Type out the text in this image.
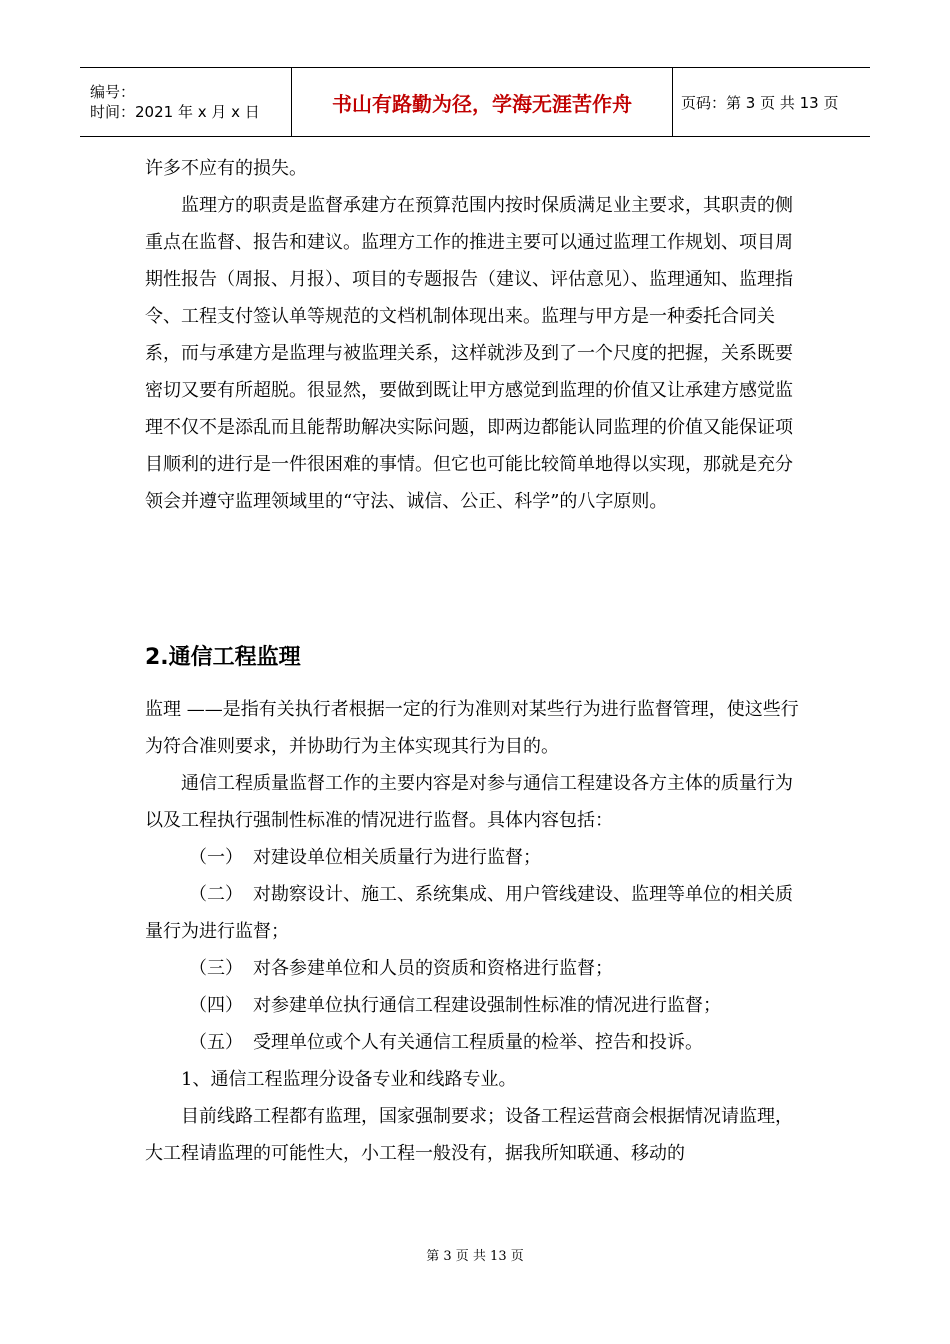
编号：
时间：2021 年 x 月 x 日	书山有路勤为径，学海无涯苦作舟	页码：第 3 页 共 13 页

许多不应有的损失。

监理方的职责是监督承建方在预算范围内按时保质满足业主要求，其职责的侧重点在监督、报告和建议。监理方工作的推进主要可以通过监理工作规划、项目周期性报告（周报、月报）、项目的专题报告（建议、评估意见）、监理通知、监理指令、工程支付签认单等规范的文档机制体现出来。监理与甲方是一种委托合同关系，而与承建方是监理与被监理关系，这样就涉及到了一个尺度的把握，关系既要密切又要有所超脱。很显然，要做到既让甲方感觉到监理的价值又让承建方感觉监理不仅不是添乱而且能帮助解决实际问题，即两边都能认同监理的价值又能保证项目顺利的进行是一件很困难的事情。但它也可能比较简单地得以实现，那就是充分领会并遵守监理领域里的“守法、诚信、公正、科学”的八字原则。

2.通信工程监理

监理 ——是指有关执行者根据一定的行为准则对某些行为进行监督管理，使这些行为符合准则要求，并协助行为主体实现其行为目的。

通信工程质量监督工作的主要内容是对参与通信工程建设各方主体的质量行为以及工程执行强制性标准的情况进行监督。具体内容包括：

（一） 对建设单位相关质量行为进行监督；

（二） 对勘察设计、施工、系统集成、用户管线建设、监理等单位的相关质量行为进行监督；

（三） 对各参建单位和人员的资质和资格进行监督；

（四） 对参建单位执行通信工程建设强制性标准的情况进行监督；

（五） 受理单位或个人有关通信工程质量的检举、控告和投诉。

1、通信工程监理分设备专业和线路专业。

目前线路工程都有监理，国家强制要求；设备工程运营商会根据情况请监理，大工程请监理的可能性大，小工程一般没有，据我所知联通、移动的

第 3 页 共 13 页
